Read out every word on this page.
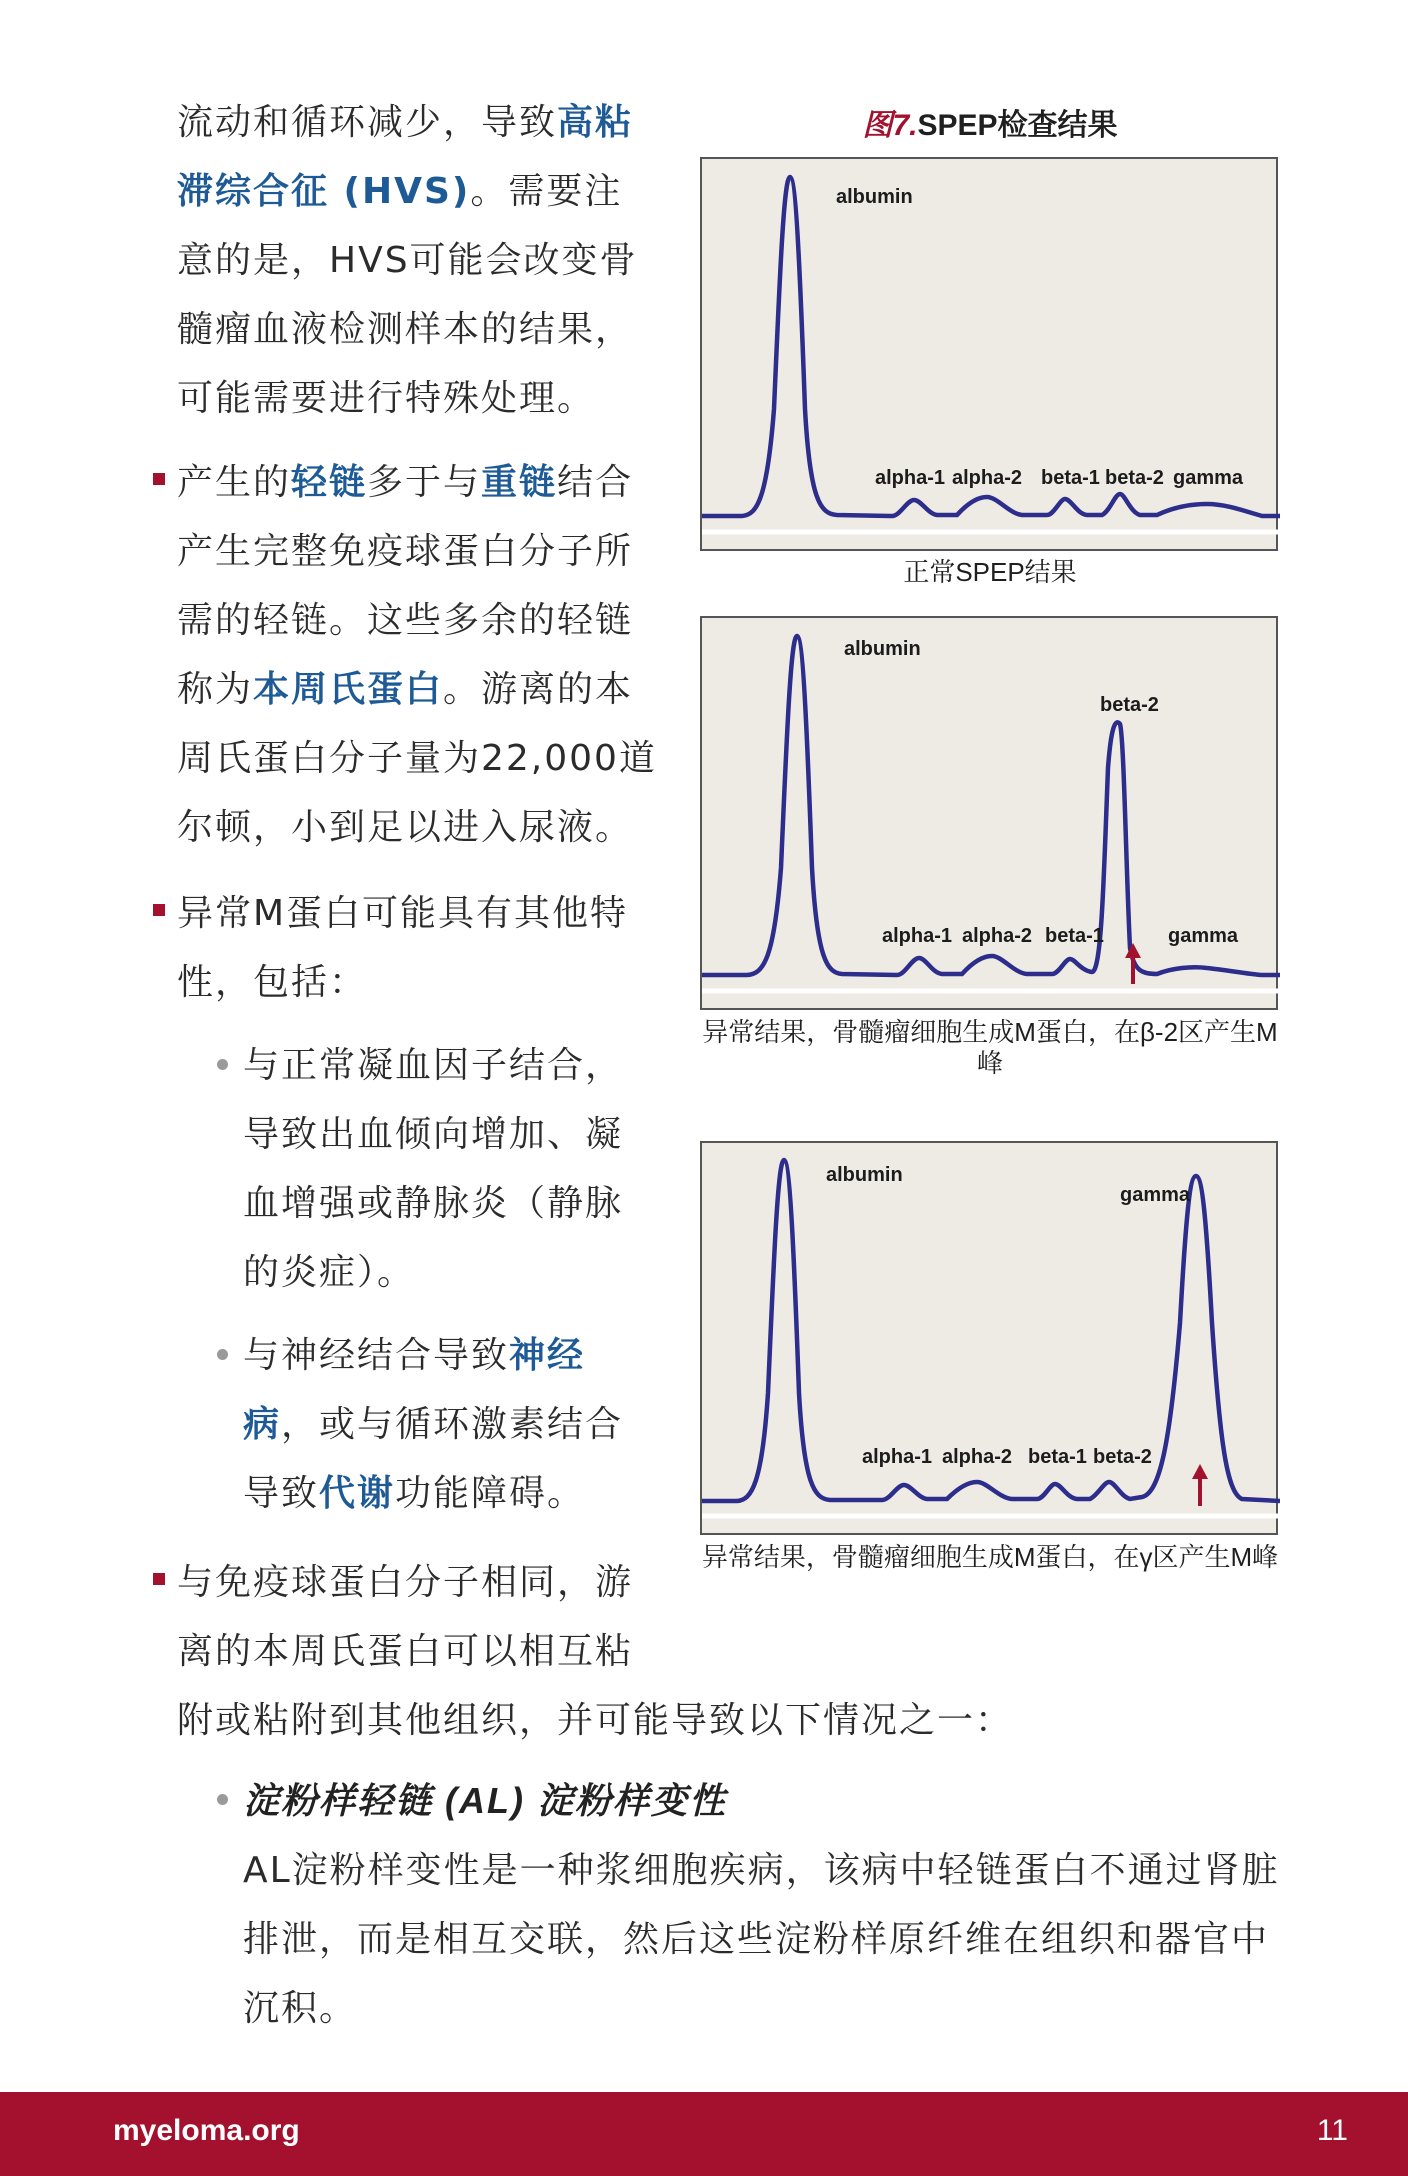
流动和循环减少，导致高粘滞综合征 (HVS)。需要注意的是，HVS可能会改变骨髓瘤血液检测样本的结果，可能需要进行特殊处理。

产生的轻链多于与重链结合产生完整免疫球蛋白分子所需的轻链。这些多余的轻链称为本周氏蛋白。游离的本周氏蛋白分子量为22,000道尔顿，小到足以进入尿液。

异常M蛋白可能具有其他特性，包括：

与正常凝血因子结合，导致出血倾向增加、凝血增强或静脉炎（静脉的炎症）。

与神经结合导致神经病，或与循环激素结合导致代谢功能障碍。

与免疫球蛋白分子相同，游离的本周氏蛋白可以相互粘

附或粘附到其他组织，并可能导致以下情况之一：
淀粉样轻链 (AL) 淀粉样变性
AL淀粉样变性是一种浆细胞疾病，该病中轻链蛋白不通过肾脏排泄，而是相互交联，然后这些淀粉样原纤维在组织和器官中沉积。
图7.SPEP检查结果
albumin
alpha-1 alpha-2 beta-1 beta-2 gamma
正常SPEP结果
albumin
alpha-1 alpha-2 beta-1
beta-2
gamma
异常结果，骨髓瘤细胞生成M蛋白，在β-2区产生M峰
albumin
alpha-1 alpha-2 beta-1 beta-2
gamma
异常结果，骨髓瘤细胞生成M蛋白，在γ区产生M峰
myeloma.org	11
